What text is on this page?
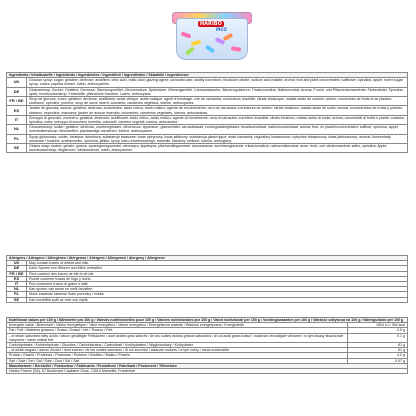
HARIBO
PICO
Ingredients / Inhaltsstoffe / Ingrédients / Ingredientes / Ingrediënti / Ingrediënten / Składniki / Ingredienser	
UK	Glucose syrup; sugar; gelatine; dextrose; acidifiers: citric acid, malic acid; glazing agent: carnauba wax; acidity correctors: tricalcium citrate, sodium acid malate; aroma; fruit and plant concentrates: safflower, spirulina, apple; invert sugar syrup; colors: paprika extract, lutein, anthocyanins.
DE	Glukosesirup; Zucker; Gelatine; Dextrose; Säuerungsmittel: Zitronensäure, Äpfelsäure; Überzugsmittel: Carnaubawachs; Säureregulatoren: Tricalciumcitrat, Natriummalat; Aroma; Frucht- und Pflanzenkonzentrate: Färberdistel, Spirulina, Apfel; Invertzuckersirup; Farbstoffe: pflanzliche Karotine, Lutein, Anthocyane.
FR / BE	Sirop de glucose; sucre; gélatine; dextrose; acidifiants: acide citrique, acide malique; agent d'enrobage: cire de carnauba; correcteurs d'acidité: citrate tricalcique, malate acide de sodium; arôme; concentrés de fruits et de plantes: carthame, spiruline, pomme; sirop de sucre inverti; colorants: caroténes végétaux, lutéine, anthocyanes.
ES	Jarabe de glucosa; azúcar; gelatina; dextrosa; acidulantes: ácido cítrico, ácido málico; agente de recubrimiento: cera de carnauba; correctores de acidez: citrato tricálcico, malato ácido de sodio; aroma; concentrados de frutas y plantas: cártamo, espirulina, manzana; jarabe de azúcar invertido; colorantes: carotenos vegetales, luteína, antocianinas.
IT	Sciroppo di glucosio; zucchero; gelatina; destrosio; acidificanti: acido citrico, acido malico; agente di rivestimento: cera di carnauba; correttori di acidità: citrato tricalcico, malato acido di sodio; aroma; concentrati di frutta e piante: cartamo, spirulina, mela; sciroppo di zucchero invertito; coloranti: caroteni vegetali, luteina, antocianine.
NL	Glucosestroop; suiker; gelatine; dextrose; zuurteregelaars: citroenzuur, appelzuur; glansmiddel: carnaubawas; zuurtegraadregelaars: tricalciumcitraat, natriumzuurmalaat; aroma; fruit- en plantenconcentraten: saffloer, spirulina, appel; invertsuikerstroop; kleurstoffen: plantaardige carotenen, luteïne, anthocyanen.
PL	Syrop glukozowy; cukier; żelatyna; dekstroza; substancje kwasowe: kwas cytrynowy, kwas jabłkowy; substancja glazurująca: wosk carnauba; regulatory kwasowości: cytrynian triwapniowy, kwas jabłczanowy; aromat; koncentraty owocowe i roślinne: szafranowiec, spirulina, jabłko; syrop cukru inwertowanego; barwniki: karoteny roślinne, luteina, antocyjany.
SE	Glukos sirap; socker; gelatin; glukos; syraregleringsmedel: citronsyra, äppelsyra; ytbehandlingsmedel: karnaubavax; surhetsreglerande: trikalciumcitrat, natriumvätemalat; arom; frukt- och växtkoncentrat: saflor, spirulina, äpple; invertsockersirap; färgämnen: växtkarotener, lutein, antocyaniner.
Allergens / Allergene / Allergènes / Alérgenos / Allergeni / Allergenen / Alergeny / Allergener	
UK	May contain traces of wheat and milk.
DE	Kann Spuren von Weizen und Milch enthalten.
FR / BE	Peut contenir des traces de blé et de lait.
ES	Puede contener trazas de trigo y leche.
IT	Può contenere tracce di grano e latte.
NL	Kan sporen van tarwe en melk bevatten.
PL	Może zawierać śladowe ilości pszenicy i mleka.
SE	Kan innehålla spår av vete och mjölk.
Nutritional values per 100 g / Nährwerte pro 100 g / Valeurs nutritionnelles pour 100 g / Valores nutricionales por 100 g / Valori nutrizionali per 100 g / Voedingswaarden per 100 g / Wartość odżywcza na 100 g / Näringsvärde per 100 g	
Energetic value / Brennwert / Valeur énergétique / Valor energético / Valore energetico / Energetische waarde / Wartość energetyczna / Energivärde	1504 kJ / 354 kcal
Fat / Fett / Matières grasses / Grasa / Grassi / Vet / Tłuszcz / Fett	0.5 g
- of which saturated fatty acids / davon gesättigte Fettsäuren / dont acides gras saturés / de los cuales ácidos grasos saturados / di cui acidi grassi saturi / waarvan verzadigde vetzuren / w tym kwasy tłuszczowe nasycone / varav mättat fett	0.1 g
Carbohydrates / Kohlenhydrate / Glucides / Carbohidratos / Carboidrati / Koolhydraten / Węglowodany / Kolhydrater	81 g
- of which sugars / davon Zucker / dont sucres / de los cuales azúcares / di cui zuccheri / waarvan suikers / w tym cukry / varav sockerarter	51 g
Protein / Eiweiß / Protéines / Proteínas / Proteine / Eiwitten / Białko / Protein	4.0 g
Salt / Salz / Sel / Sal / Sale / Zout / Sól / Salt	0.07 g
Manufacturer / Hersteller / Producteur / Fabricante / Produttore / Fabrikant / Producent / Tillverkare	
Haribo France (SA), 67 Boulevard Capitaine Gèze, 13014 Marseille, Frankreich	
